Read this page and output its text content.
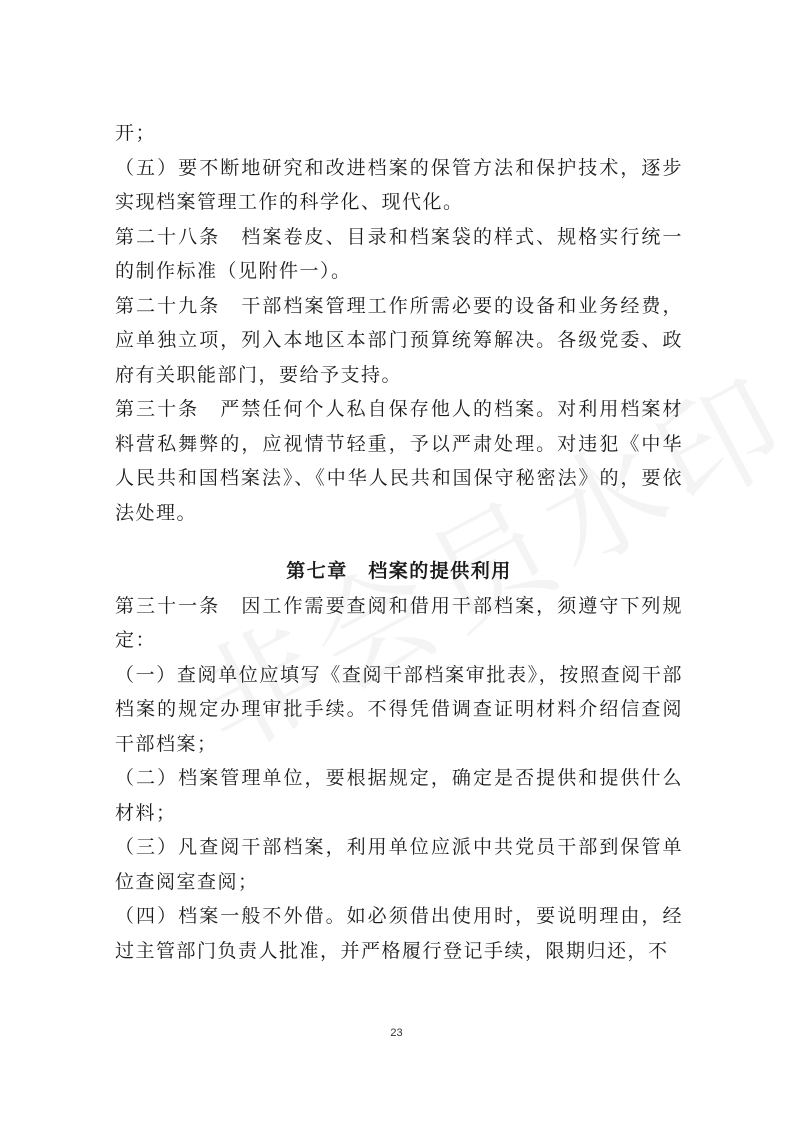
开；

（五）要不断地研究和改进档案的保管方法和保护技术，逐步实现档案管理工作的科学化、现代化。

第二十八条　档案卷皮、目录和档案袋的样式、规格实行统一的制作标准（见附件一）。

第二十九条　干部档案管理工作所需必要的设备和业务经费，应单独立项，列入本地区本部门预算统筹解决。各级党委、政府有关职能部门，要给予支持。

第三十条　严禁任何个人私自保存他人的档案。对利用档案材料营私舞弊的，应视情节轻重，予以严肃处理。对违犯《中华人民共和国档案法》、《中华人民共和国保守秘密法》的，要依法处理。

第七章　档案的提供利用

第三十一条　因工作需要查阅和借用干部档案，须遵守下列规定：

（一）查阅单位应填写《查阅干部档案审批表》，按照查阅干部档案的规定办理审批手续。不得凭借调查证明材料介绍信查阅干部档案；

（二）档案管理单位，要根据规定，确定是否提供和提供什么材料；

（三）凡查阅干部档案，利用单位应派中共党员干部到保管单位查阅室查阅；

（四）档案一般不外借。如必须借出使用时，要说明理由，经过主管部门负责人批准，并严格履行登记手续，限期归还，不

23
